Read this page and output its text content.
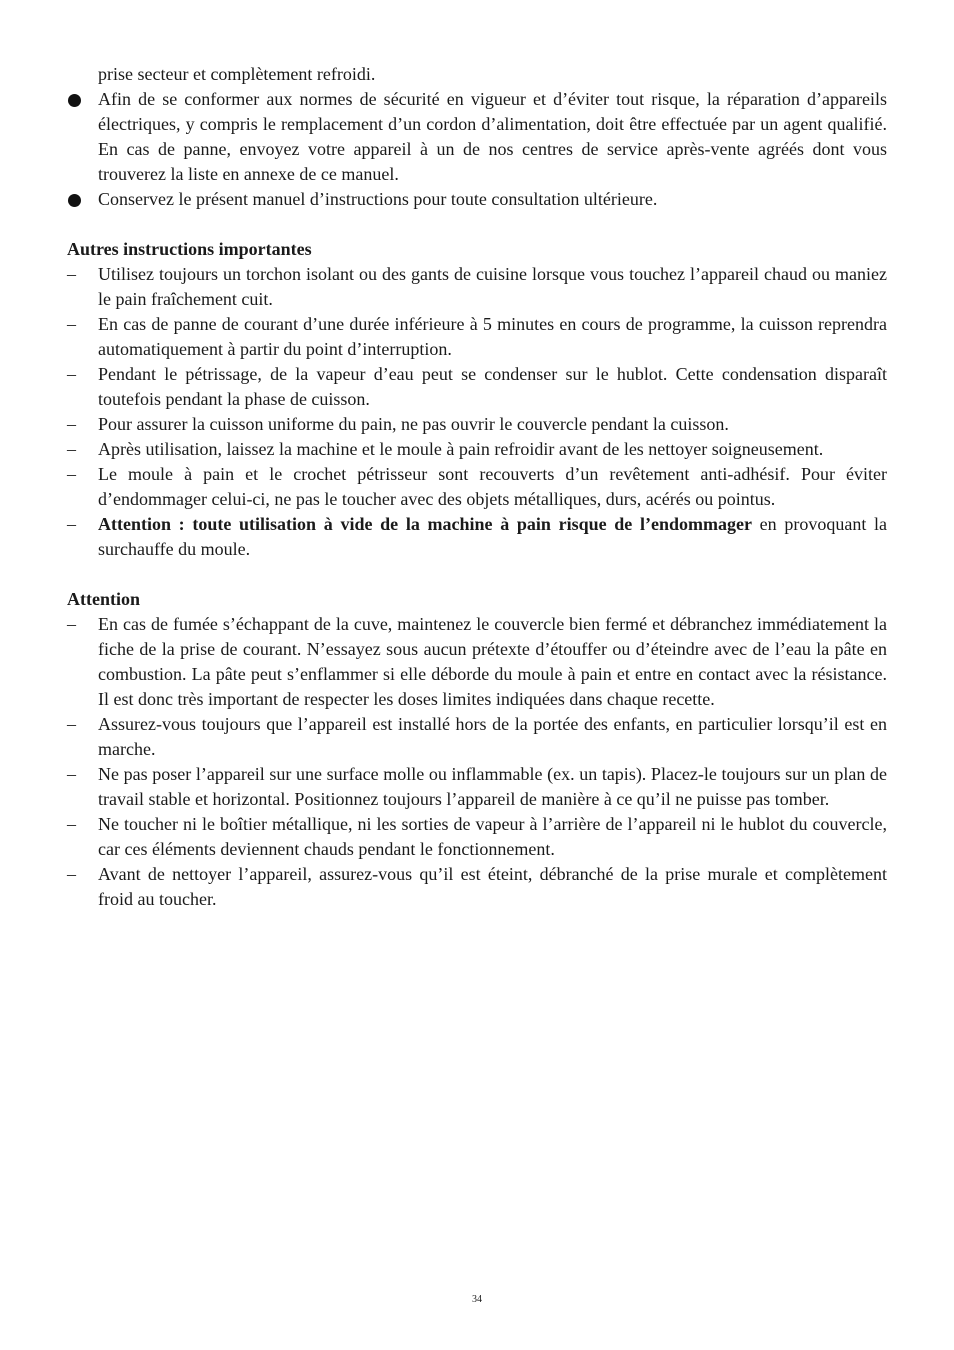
prise secteur et complètement refroidi.
Afin de se conformer aux normes de sécurité en vigueur et d’éviter tout risque, la réparation d’appareils électriques, y compris le remplacement d’un cordon d’alimentation, doit être effectuée par un agent qualifié. En cas de panne, envoyez votre appareil à un de nos centres de service après-vente agréés dont vous trouverez la liste en annexe de ce manuel.
Conservez le présent manuel d’instructions pour toute consultation ultérieure.
Autres instructions importantes
– Utilisez toujours un torchon isolant ou des gants de cuisine lorsque vous touchez l’appareil chaud ou maniez le pain fraîchement cuit.
– En cas de panne de courant d’une durée inférieure à 5 minutes en cours de programme, la cuisson reprendra automatiquement à partir du point d’interruption.
– Pendant le pétrissage, de la vapeur d’eau peut se condenser sur le hublot. Cette condensation disparaît toutefois pendant la phase de cuisson.
– Pour assurer la cuisson uniforme du pain, ne pas ouvrir le couvercle pendant la cuisson.
– Après utilisation, laissez la machine et le moule à pain refroidir avant de les nettoyer soigneusement.
– Le moule à pain et le crochet pétrisseur sont recouverts d’un revêtement anti-adhésif. Pour éviter d’endommager celui-ci, ne pas le toucher avec des objets métalliques, durs, acérés ou pointus.
– Attention : toute utilisation à vide de la machine à pain risque de l’endommager en provoquant la surchauffe du moule.
Attention
– En cas de fumée s’échappant de la cuve, maintenez le couvercle bien fermé et débranchez immédiatement la fiche de la prise de courant. N’essayez sous aucun prétexte d’étouffer ou d’éteindre avec de l’eau la pâte en combustion. La pâte peut s’enflammer si elle déborde du moule à pain et entre en contact avec la résistance. Il est donc très important de respecter les doses limites indiquées dans chaque recette.
– Assurez-vous toujours que l’appareil est installé hors de la portée des enfants, en particulier lorsqu’il est en marche.
– Ne pas poser l’appareil sur une surface molle ou inflammable (ex. un tapis). Placez-le toujours sur un plan de travail stable et horizontal. Positionnez toujours l’appareil de manière à ce qu’il ne puisse pas tomber.
– Ne toucher ni le boîtier métallique, ni les sorties de vapeur à l’arrière de l’appareil ni le hublot du couvercle, car ces éléments deviennent chauds pendant le fonctionnement.
– Avant de nettoyer l’appareil, assurez-vous qu’il est éteint, débranché de la prise murale et complètement froid au toucher.
34
